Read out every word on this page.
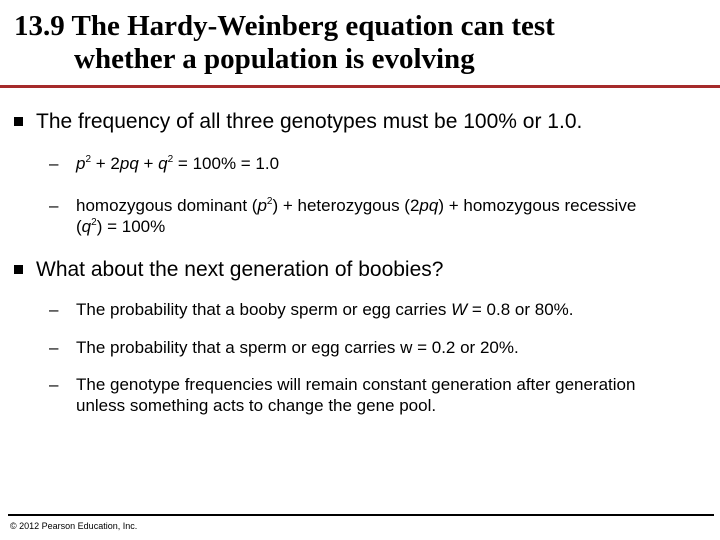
13.9 The Hardy-Weinberg equation can test
whether a population is evolving
The frequency of all three genotypes must be 100% or 1.0.
– $p^2 + 2pq + q^2 = 100\% = 1.0$
– homozygous dominant $(p^2)$ + heterozygous (2pq) + homozygous recessive $(q^2) = 100\%$
What about the next generation of boobies?
– The probability that a booby sperm or egg carries W = 0.8 or 80%.
– The probability that a sperm or egg carries w = 0.2 or 20%.
– The genotype frequencies will remain constant generation after generation unless something acts to change the gene pool.
© 2012 Pearson Education, Inc.
